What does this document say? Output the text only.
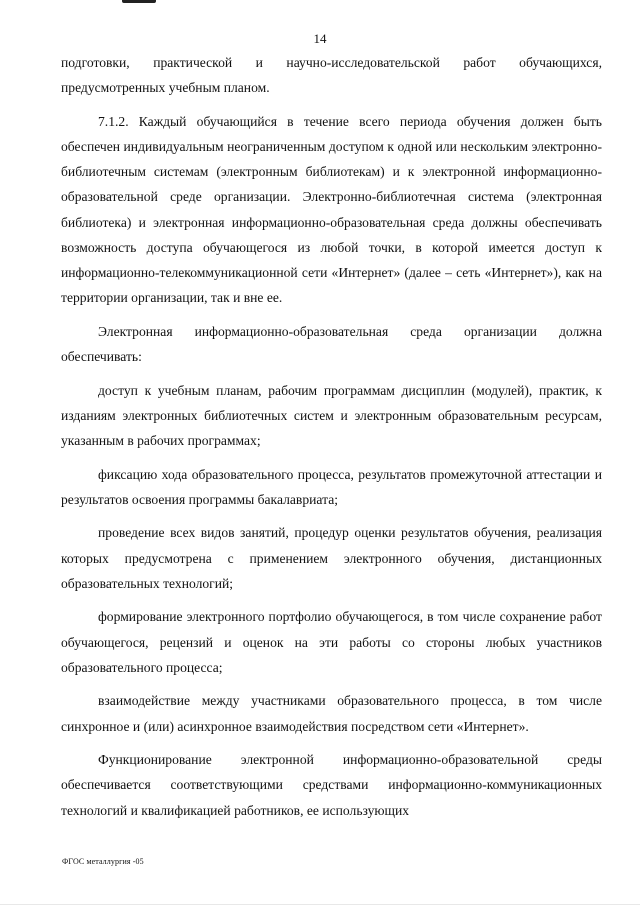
14

подготовки, практической и научно-исследовательской работ обучающихся, предусмотренных учебным планом.

7.1.2. Каждый обучающийся в течение всего периода обучения должен быть обеспечен индивидуальным неограниченным доступом к одной или нескольким электронно-библиотечным системам (электронным библиотекам) и к электронной информационно-образовательной среде организации. Электронно-библиотечная система (электронная библиотека) и электронная информационно-образовательная среда должны обеспечивать возможность доступа обучающегося из любой точки, в которой имеется доступ к информационно-телекоммуникационной сети «Интернет» (далее – сеть «Интернет»), как на территории организации, так и вне ее.

Электронная информационно-образовательная среда организации должна обеспечивать:

доступ к учебным планам, рабочим программам дисциплин (модулей), практик, к изданиям электронных библиотечных систем и электронным образовательным ресурсам, указанным в рабочих программах;

фиксацию хода образовательного процесса, результатов промежуточной аттестации и результатов освоения программы бакалавриата;

проведение всех видов занятий, процедур оценки результатов обучения, реализация которых предусмотрена с применением электронного обучения, дистанционных образовательных технологий;

формирование электронного портфолио обучающегося, в том числе сохранение работ обучающегося, рецензий и оценок на эти работы со стороны любых участников образовательного процесса;

взаимодействие между участниками образовательного процесса, в том числе синхронное и (или) асинхронное взаимодействия посредством сети «Интернет».

Функционирование электронной информационно-образовательной среды обеспечивается соответствующими средствами информационно-коммуникационных технологий и квалификацией работников, ее использующих

ФГОС металлургия -05
